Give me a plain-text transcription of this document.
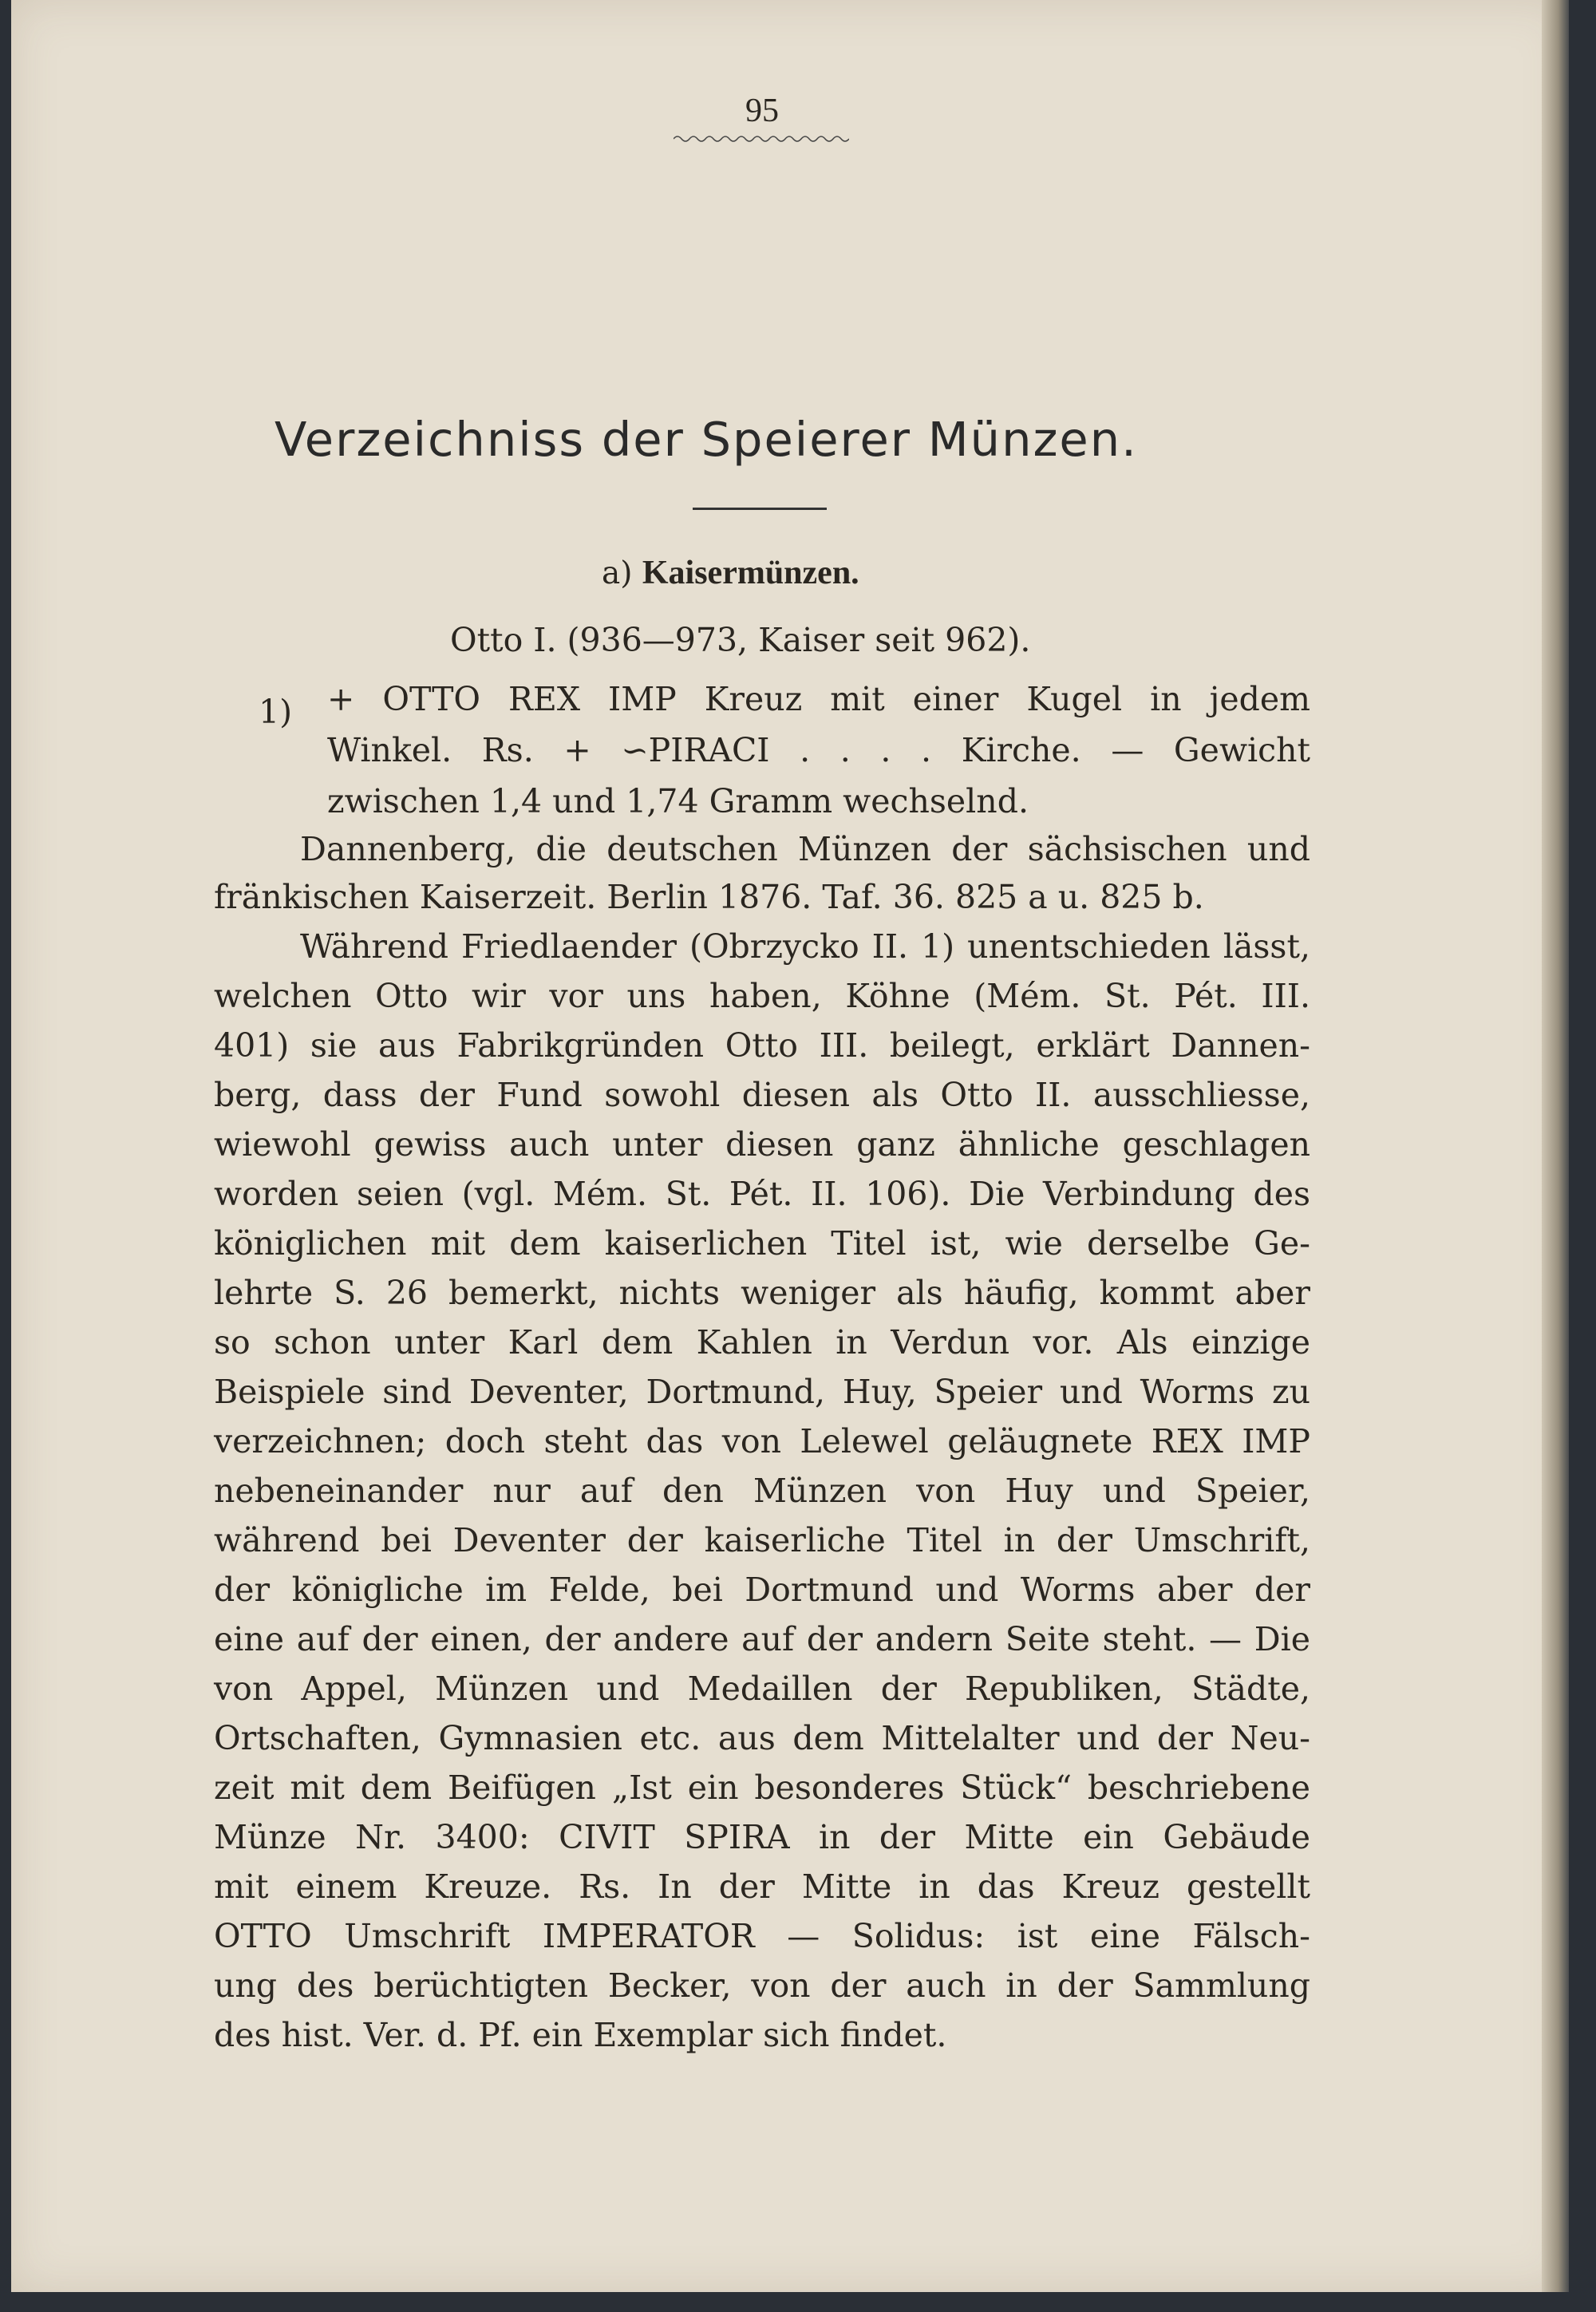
95
Verzeichniss der Speierer Münzen.
a) Kaisermünzen.
Otto I. (936—973, Kaiser seit 962).
1) + OTTO REX IMP Kreuz mit einer Kugel in jedem
Winkel. Rs. + ∽PIRACI . . . . Kirche. — Gewicht
zwischen 1,4 und 1,74 Gramm wechselnd.
Dannenberg, die deutschen Münzen der sächsischen und
fränkischen Kaiserzeit. Berlin 1876. Taf. 36. 825 a u. 825 b.
Während Friedlaender (Obrzycko II. 1) unentschieden lässt,
welchen Otto wir vor uns haben, Köhne (Mém. St. Pét. III.
401) sie aus Fabrikgründen Otto III. beilegt, erklärt Dannen-
berg, dass der Fund sowohl diesen als Otto II. ausschliesse,
wiewohl gewiss auch unter diesen ganz ähnliche geschlagen
worden seien (vgl. Mém. St. Pét. II. 106). Die Verbindung des
königlichen mit dem kaiserlichen Titel ist, wie derselbe Ge-
lehrte S. 26 bemerkt, nichts weniger als häufig, kommt aber
so schon unter Karl dem Kahlen in Verdun vor. Als einzige
Beispiele sind Deventer, Dortmund, Huy, Speier und Worms zu
verzeichnen; doch steht das von Lelewel geläugnete REX IMP
nebeneinander nur auf den Münzen von Huy und Speier,
während bei Deventer der kaiserliche Titel in der Umschrift,
der königliche im Felde, bei Dortmund und Worms aber der
eine auf der einen, der andere auf der andern Seite steht. — Die
von Appel, Münzen und Medaillen der Republiken, Städte,
Ortschaften, Gymnasien etc. aus dem Mittelalter und der Neu-
zeit mit dem Beifügen „Ist ein besonderes Stück“ beschriebene
Münze Nr. 3400: CIVIT SPIRA in der Mitte ein Gebäude
mit einem Kreuze. Rs. In der Mitte in das Kreuz gestellt
OTTO Umschrift IMPERATOR — Solidus: ist eine Fälsch-
ung des berüchtigten Becker, von der auch in der Sammlung
des hist. Ver. d. Pf. ein Exemplar sich findet.
